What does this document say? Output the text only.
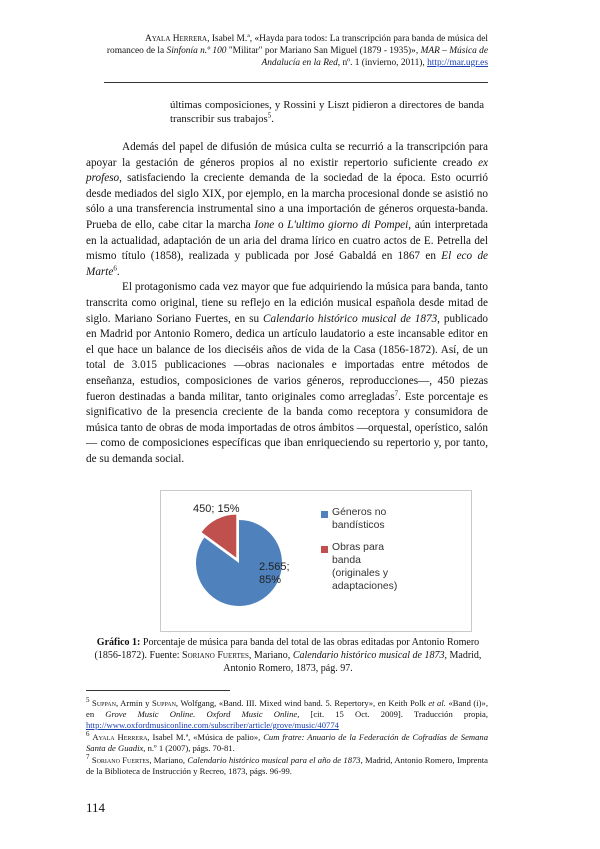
Ayala Herrera, Isabel M.ª, «Hayda para todos: La transcripción para banda de música del
romanceo de la Sinfonía n.º 100 "Militar" por Mariano San Miguel (1879 - 1935)», MAR – Música de
Andalucía en la Red, nº. 1 (invierno, 2011), http://mar.ugr.es
últimas composiciones, y Rossini y Liszt pidieron a directores de banda transcribir sus trabajos$^5$.

Además del papel de difusión de música culta se recurrió a la transcripción para apoyar la gestación de géneros propios al no existir repertorio suficiente creado ex profeso, satisfaciendo la creciente demanda de la sociedad de la época. Esto ocurrió desde mediados del siglo XIX, por ejemplo, en la marcha procesional donde se asistió no sólo a una transferencia instrumental sino a una importación de géneros orquesta-banda. Prueba de ello, cabe citar la marcha Ione o L'ultimo giorno di Pompei, aún interpretada en la actualidad, adaptación de un aria del drama lírico en cuatro actos de E. Petrella del mismo título (1858), realizada y publicada por José Gabaldá en 1867 en El eco de Marte$^6$.

El protagonismo cada vez mayor que fue adquiriendo la música para banda, tanto transcrita como original, tiene su reflejo en la edición musical española desde mitad de siglo. Mariano Soriano Fuertes, en su Calendario histórico musical de 1873, publicado en Madrid por Antonio Romero, dedica un artículo laudatorio a este incansable editor en el que hace un balance de los dieciséis años de vida de la Casa (1856-1872). Así, de un total de 3.015 publicaciones —obras nacionales e importadas entre métodos de enseñanza, estudios, composiciones de varios géneros, reproducciones—, 450 piezas fueron destinadas a banda militar, tanto originales como arregladas$^7$. Este porcentaje es significativo de la presencia creciente de la banda como receptora y consumidora de música tanto de obras de moda importadas de otros ámbitos —orquestal, operístico, salón— como de composiciones específicas que iban enriqueciendo su repertorio y, por tanto, de su demanda social.

2.565;
85%
450; 15%	Géneros no
bandísticos
Obras para
banda
(originales y
adaptaciones)
Gráfico 1: Porcentaje de música para banda del total de las obras editadas por Antonio Romero (1856-1872). Fuente: Soriano Fuertes, Mariano, Calendario histórico musical de 1873, Madrid, Antonio Romero, 1873, pág. 97.
$^5$ Suppan, Armin y Suppan, Wolfgang, «Band. III. Mixed wind band. 5. Repertory», en Keith Polk et al. «Band (i)», en Grove Music Online. Oxford Music Online, [cit. 15 Oct. 2009]. Traducción propia, http://www.oxfordmusiconline.com/subscriber/article/grove/music/40774
$^6$ Ayala Herrera, Isabel M.ª, «Música de palio», Cum fratre: Anuario de la Federación de Cofradías de Semana Santa de Guadix, n.º 1 (2007), págs. 70-81.
$^7$ Soriano Fuertes, Mariano, Calendario histórico musical para el año de 1873, Madrid, Antonio Romero, Imprenta de la Biblioteca de Instrucción y Recreo, 1873, págs. 96-99.
114
